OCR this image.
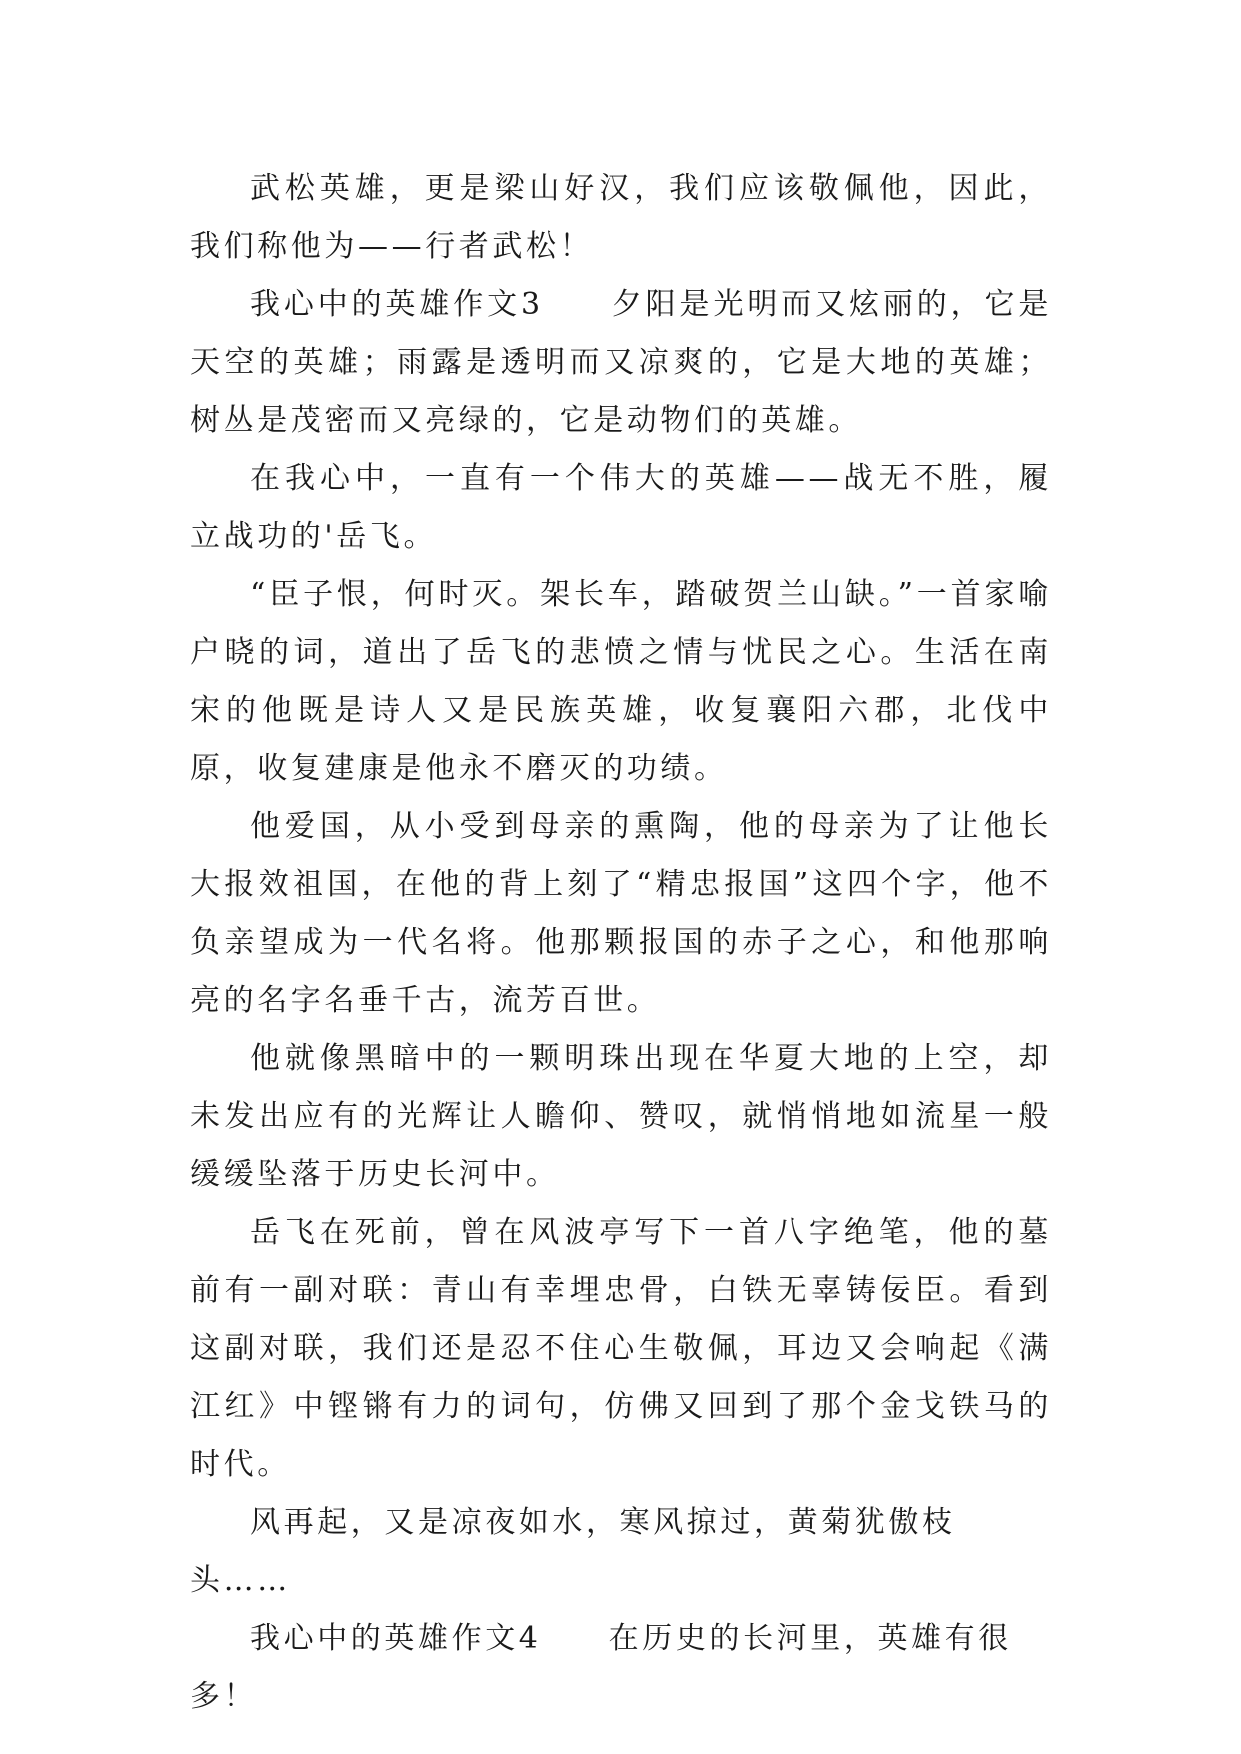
武松英雄，更是梁山好汉，我们应该敬佩他，因此，我们称他为——行者武松！

我心中的英雄作文3　　夕阳是光明而又炫丽的，它是天空的英雄；雨露是透明而又凉爽的，它是大地的英雄；树丛是茂密而又亮绿的，它是动物们的英雄。

在我心中，一直有一个伟大的英雄——战无不胜，履立战功的'岳飞。

“臣子恨，何时灭。架长车，踏破贺兰山缺。”一首家喻户晓的词，道出了岳飞的悲愤之情与忧民之心。生活在南宋的他既是诗人又是民族英雄，收复襄阳六郡，北伐中原，收复建康是他永不磨灭的功绩。

他爱国，从小受到母亲的熏陶，他的母亲为了让他长大报效祖国，在他的背上刻了“精忠报国”这四个字，他不负亲望成为一代名将。他那颗报国的赤子之心，和他那响亮的名字名垂千古，流芳百世。

他就像黑暗中的一颗明珠出现在华夏大地的上空，却未发出应有的光辉让人瞻仰、赞叹，就悄悄地如流星一般缓缓坠落于历史长河中。

岳飞在死前，曾在风波亭写下一首八字绝笔，他的墓前有一副对联：青山有幸埋忠骨，白铁无辜铸佞臣。看到这副对联，我们还是忍不住心生敬佩，耳边又会响起《满江红》中铿锵有力的词句，仿佛又回到了那个金戈铁马的时代。

风再起，又是凉夜如水，寒风掠过，黄菊犹傲枝头……

我心中的英雄作文4　　在历史的长河里，英雄有很多！
